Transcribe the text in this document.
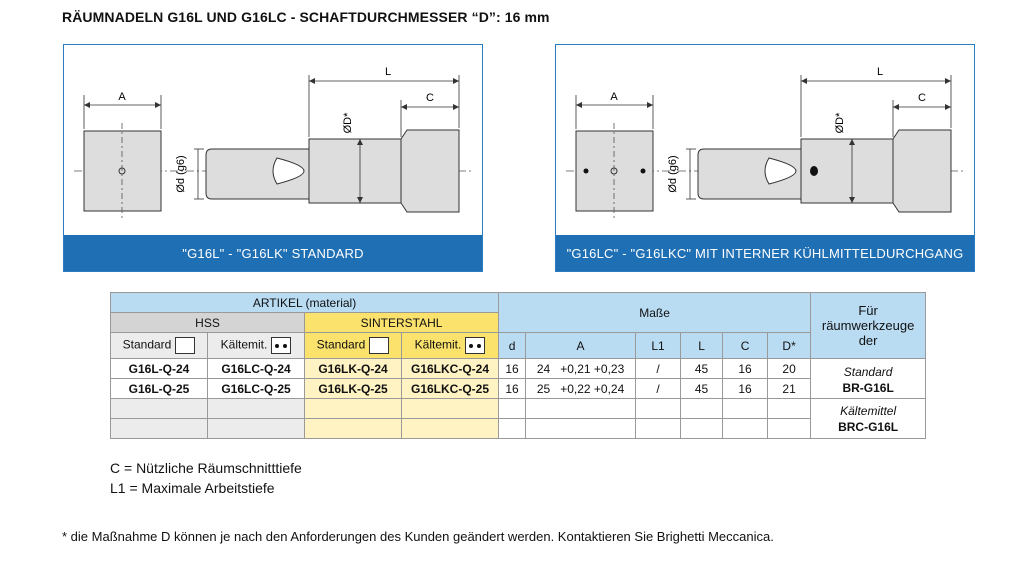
RÄUMNADELN G16L UND G16LC - SCHAFTDURCHMESSER “D”: 16 mm
A
Ød (g6)
ØD*
L
C
"G16L" - "G16LK" STANDARD
A
Ød (g6)
ØD*
L
C
"G16LC" - "G16LKC" MIT INTERNER KÜHLMITTELDURCHGANG
ARTIKEL (material)				Maße						Für räumwerkzeuge der
HSS		SINTERSTAHL								
Standard	Kältemit.	Standard	Kältemit.	d	A	L1	L	C	D*	
G16L-Q-24	G16LC-Q-24	G16LK-Q-24	G16LKC-Q-24	16	24 +0,21 +0,23	/	45	16	20	Standard
BR-G16L
G16L-Q-25	G16LC-Q-25	G16LK-Q-25	G16LKC-Q-25	16	25 +0,22 +0,24	/	45	16	21	
										Kältemittel
BRC-G16L

C = Nützliche Räumschnitttiefe
L1 = Maximale Arbeitstiefe
* die Maßnahme D können je nach den Anforderungen des Kunden geändert werden. Kontaktieren Sie Brighetti Meccanica.
